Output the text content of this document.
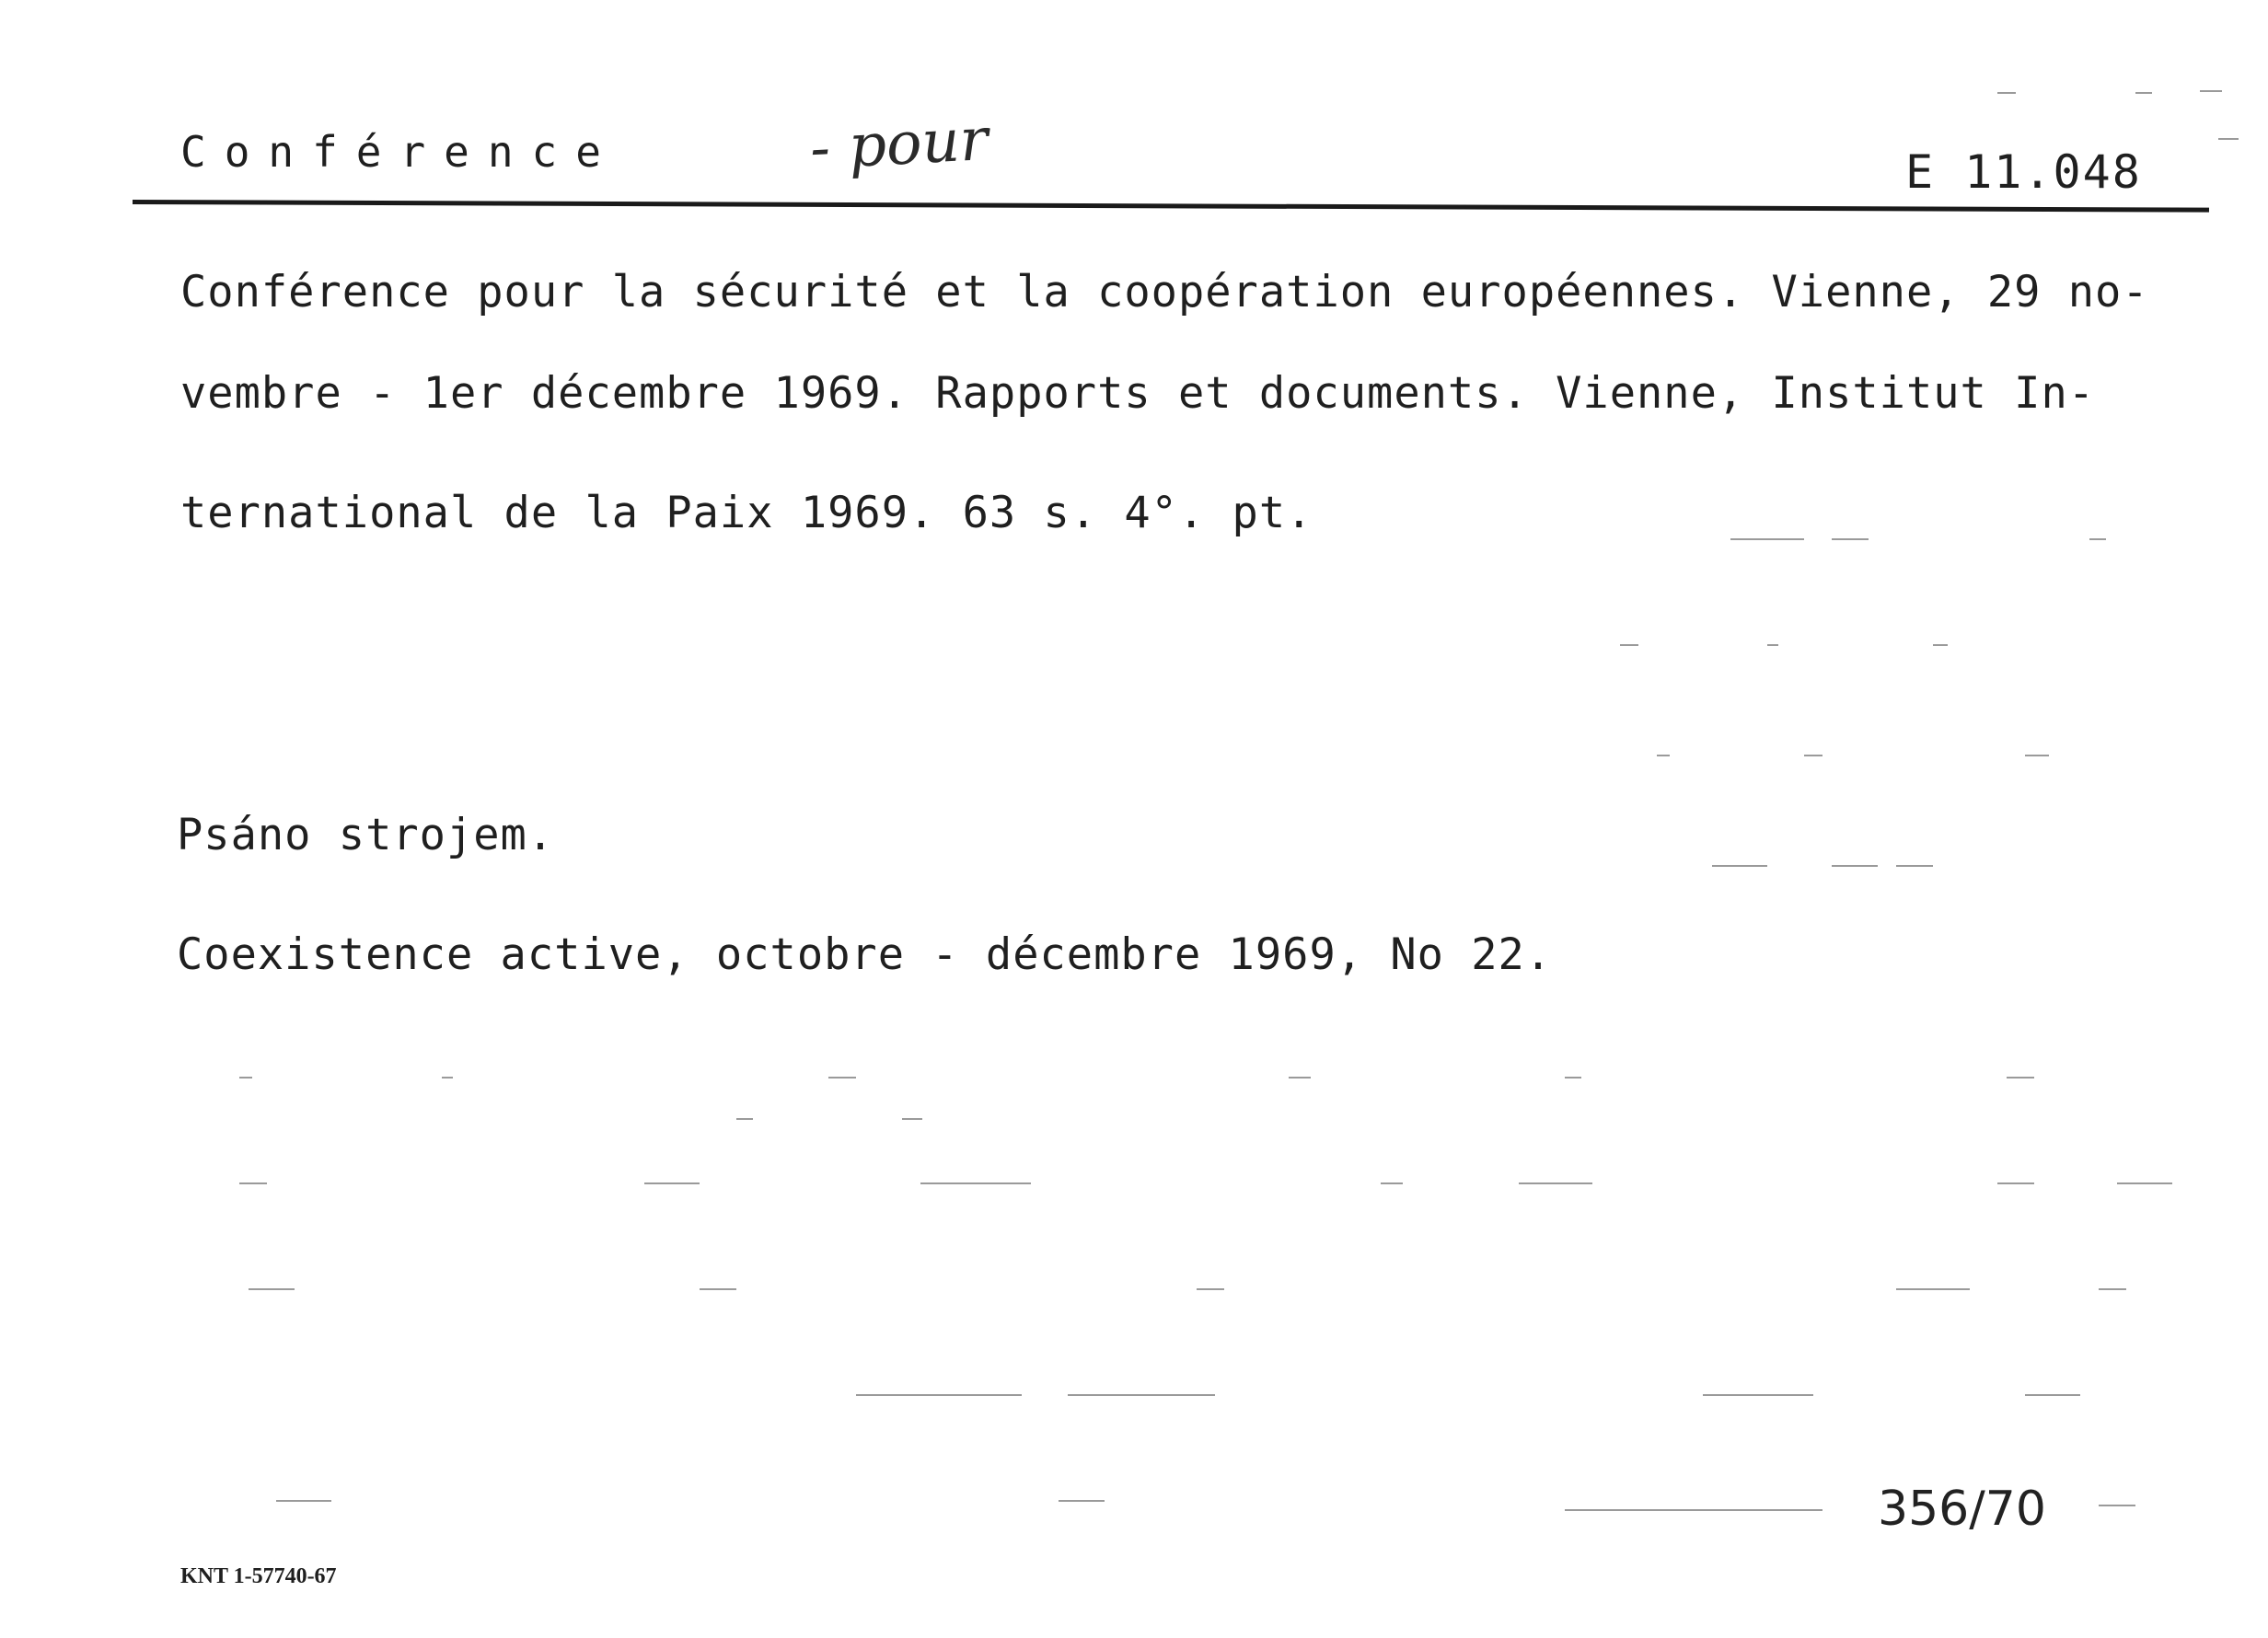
Conférence	- pour	E 11.048
Conférence pour la sécurité et la coopération européennes. Vienne, 29 no-
vembre - 1er décembre 1969. Rapports et documents. Vienne, Institut In-
ternational de la Paix 1969. 63 s. 4°. pt.
Psáno strojem.
Coexistence active, octobre - décembre 1969, No 22.
356/70
KNT 1-57740-67
